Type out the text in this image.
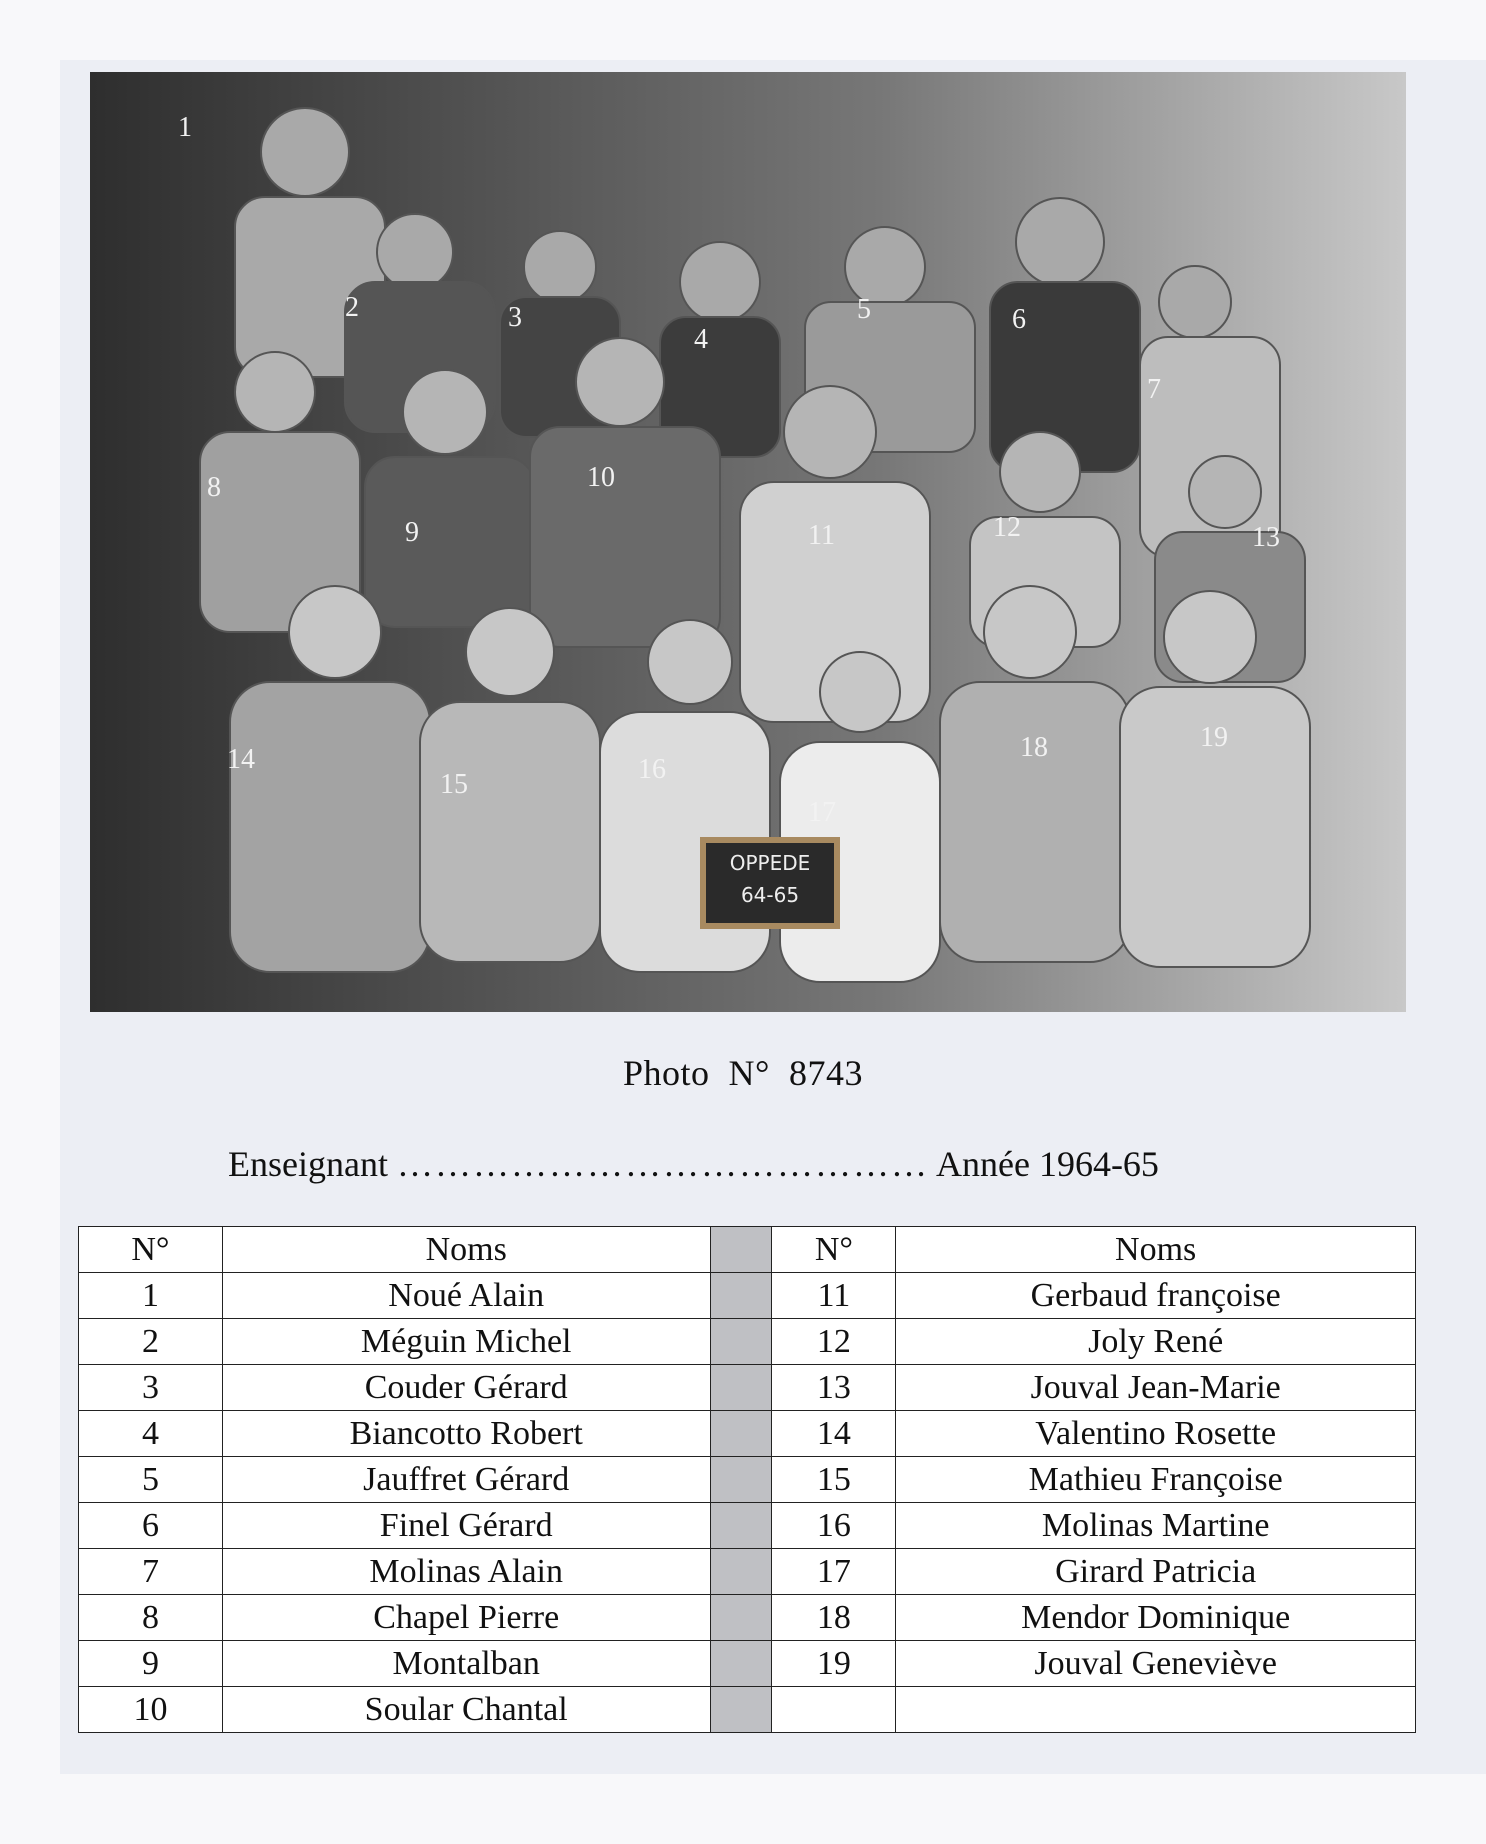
1
2	3
4
5	6
7
8
9
10
11	12	13
14
15	16
17
18	19
OPPEDE
64-65
Photo  N°  8743
Enseignant …………………………………… Année 1964-65
N°	Noms		N°	Noms
1	Noué Alain		11	Gerbaud françoise
2	Méguin Michel		12	Joly René
3	Couder Gérard		13	Jouval Jean-Marie
4	Biancotto Robert		14	Valentino Rosette
5	Jauffret Gérard		15	Mathieu Françoise
6	Finel Gérard		16	Molinas Martine
7	Molinas Alain		17	Girard Patricia
8	Chapel Pierre		18	Mendor Dominique
9	Montalban		19	Jouval Geneviève
10	Soular Chantal			
